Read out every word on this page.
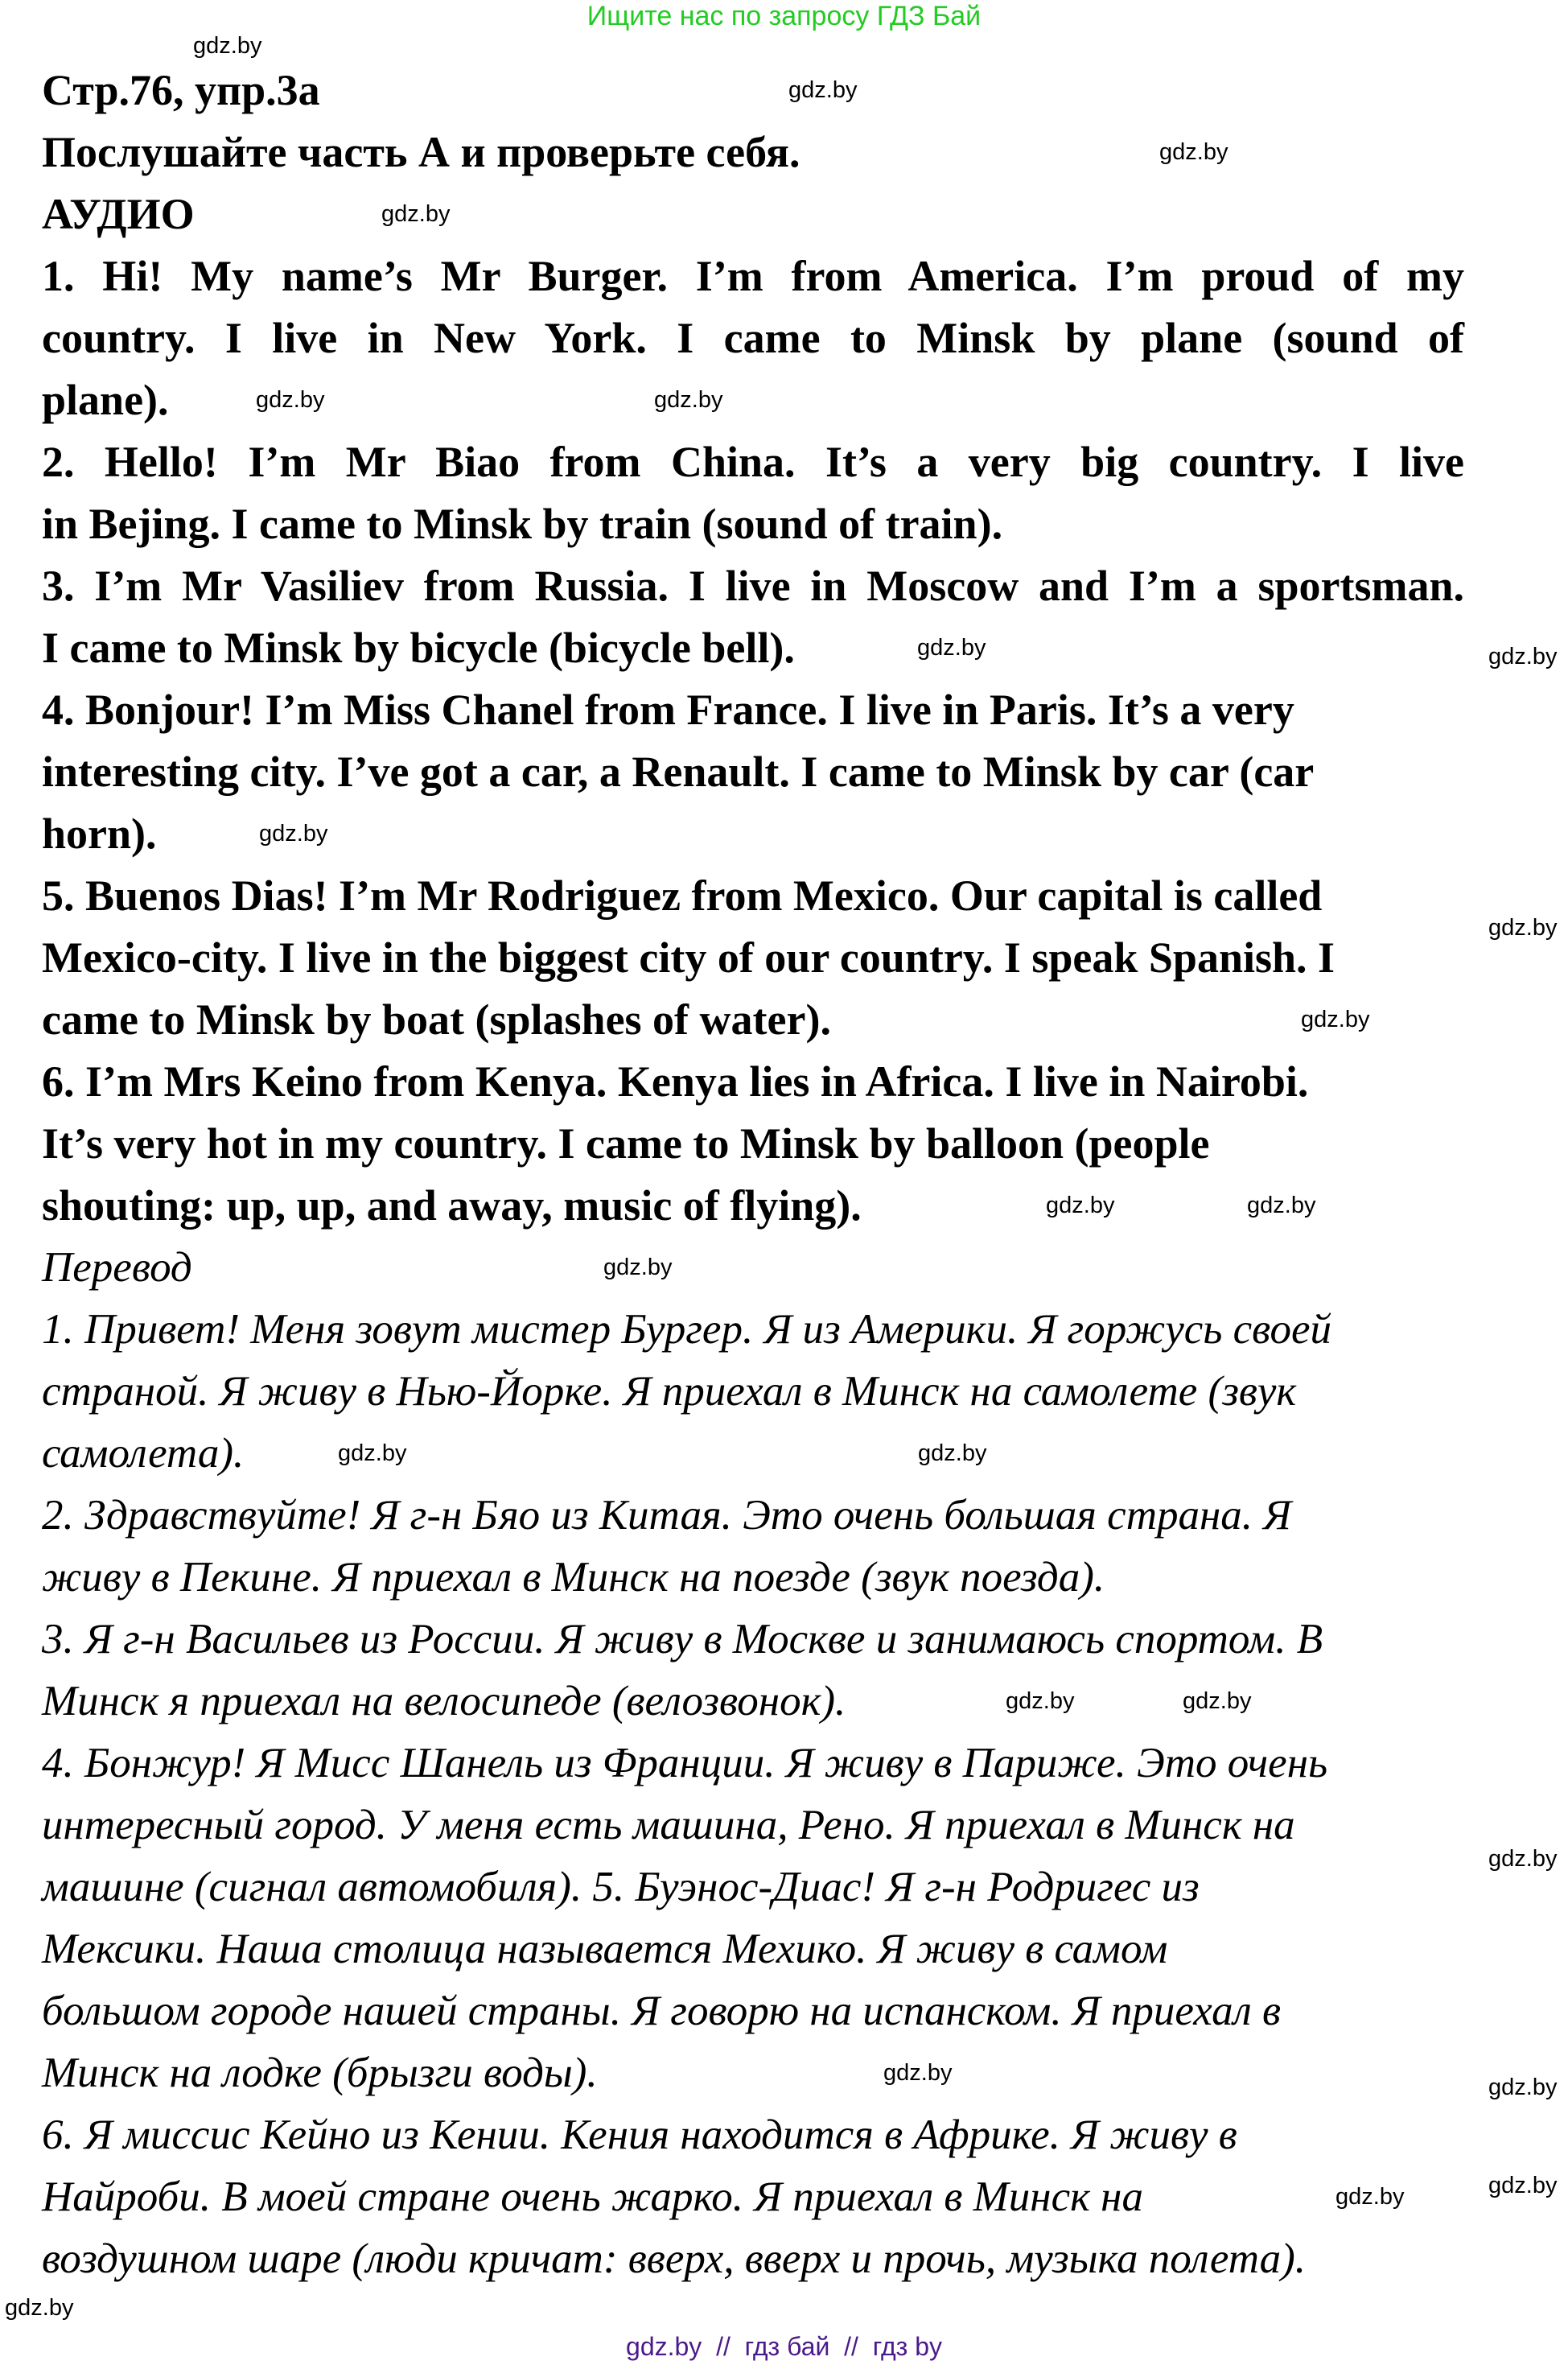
Ищите нас по запросу ГДЗ Бай
Стр.76, упр.3а
Послушайте часть А и проверьте себя.
АУДИО
1. Hi! My name’s Mr Burger. I’m from America. I’m proud of my
country. I live in New York. I came to Minsk by plane (sound of
plane).
2. Hello! I’m Mr Biao from China. It’s a very big country. I live
in Bejing. I came to Minsk by train (sound of train).
3. I’m Mr Vasiliev from Russia. I live in Moscow and I’m a sportsman.
I came to Minsk by bicycle (bicycle bell).
4. Bonjour! I’m Miss Chanel from France. I live in Paris. It’s a very
interesting city. I’ve got a car, a Renault. I came to Minsk by car (car
horn).
5. Buenos Dias! I’m Mr Rodriguez from Mexico. Our capital is called
Mexico-city. I live in the biggest city of our country. I speak Spanish. I
came to Minsk by boat (splashes of water).
6. I’m Mrs Keino from Kenya. Kenya lies in Africa. I live in Nairobi.
It’s very hot in my country. I came to Minsk by balloon (people
shouting: up, up, and away, music of flying).
Перевод
1. Привет! Меня зовут мистер Бургер. Я из Америки. Я горжусь своей
страной. Я живу в Нью-Йорке. Я приехал в Минск на самолете (звук
самолета).
2. Здравствуйте! Я г-н Бяо из Китая. Это очень большая страна. Я
живу в Пекине. Я приехал в Минск на поезде (звук поезда).
3. Я г-н Васильев из России. Я живу в Москве и занимаюсь спортом. В
Минск я приехал на велосипеде (велозвонок).
4. Бонжур! Я Мисс Шанель из Франции. Я живу в Париже. Это очень
интересный город. У меня есть машина, Рено. Я приехал в Минск на
машине (сигнал автомобиля). 5. Буэнос-Диас! Я г-н Родригес из
Мексики. Наша столица называется Мехико. Я живу в самом
большом городе нашей страны. Я говорю на испанском. Я приехал в
Минск на лодке (брызги воды).
6. Я миссис Кейно из Кении. Кения находится в Африке. Я живу в
Найроби. В моей стране очень жарко. Я приехал в Минск на
воздушном шаре (люди кричат: вверх, вверх и прочь, музыка полета).
gdz.by
gdz.by
gdz.by
gdz.by
gdz.by	gdz.by
gdz.by	gdz.by
gdz.by
gdz.by
gdz.by
gdz.by	gdz.by
gdz.by
gdz.by
gdz.by
gdz.by	gdz.by
gdz.by
gdz.by
gdz.by
gdz.by	gdz.by
gdz.by
gdz.by  //  гдз бай  //  гдз by
